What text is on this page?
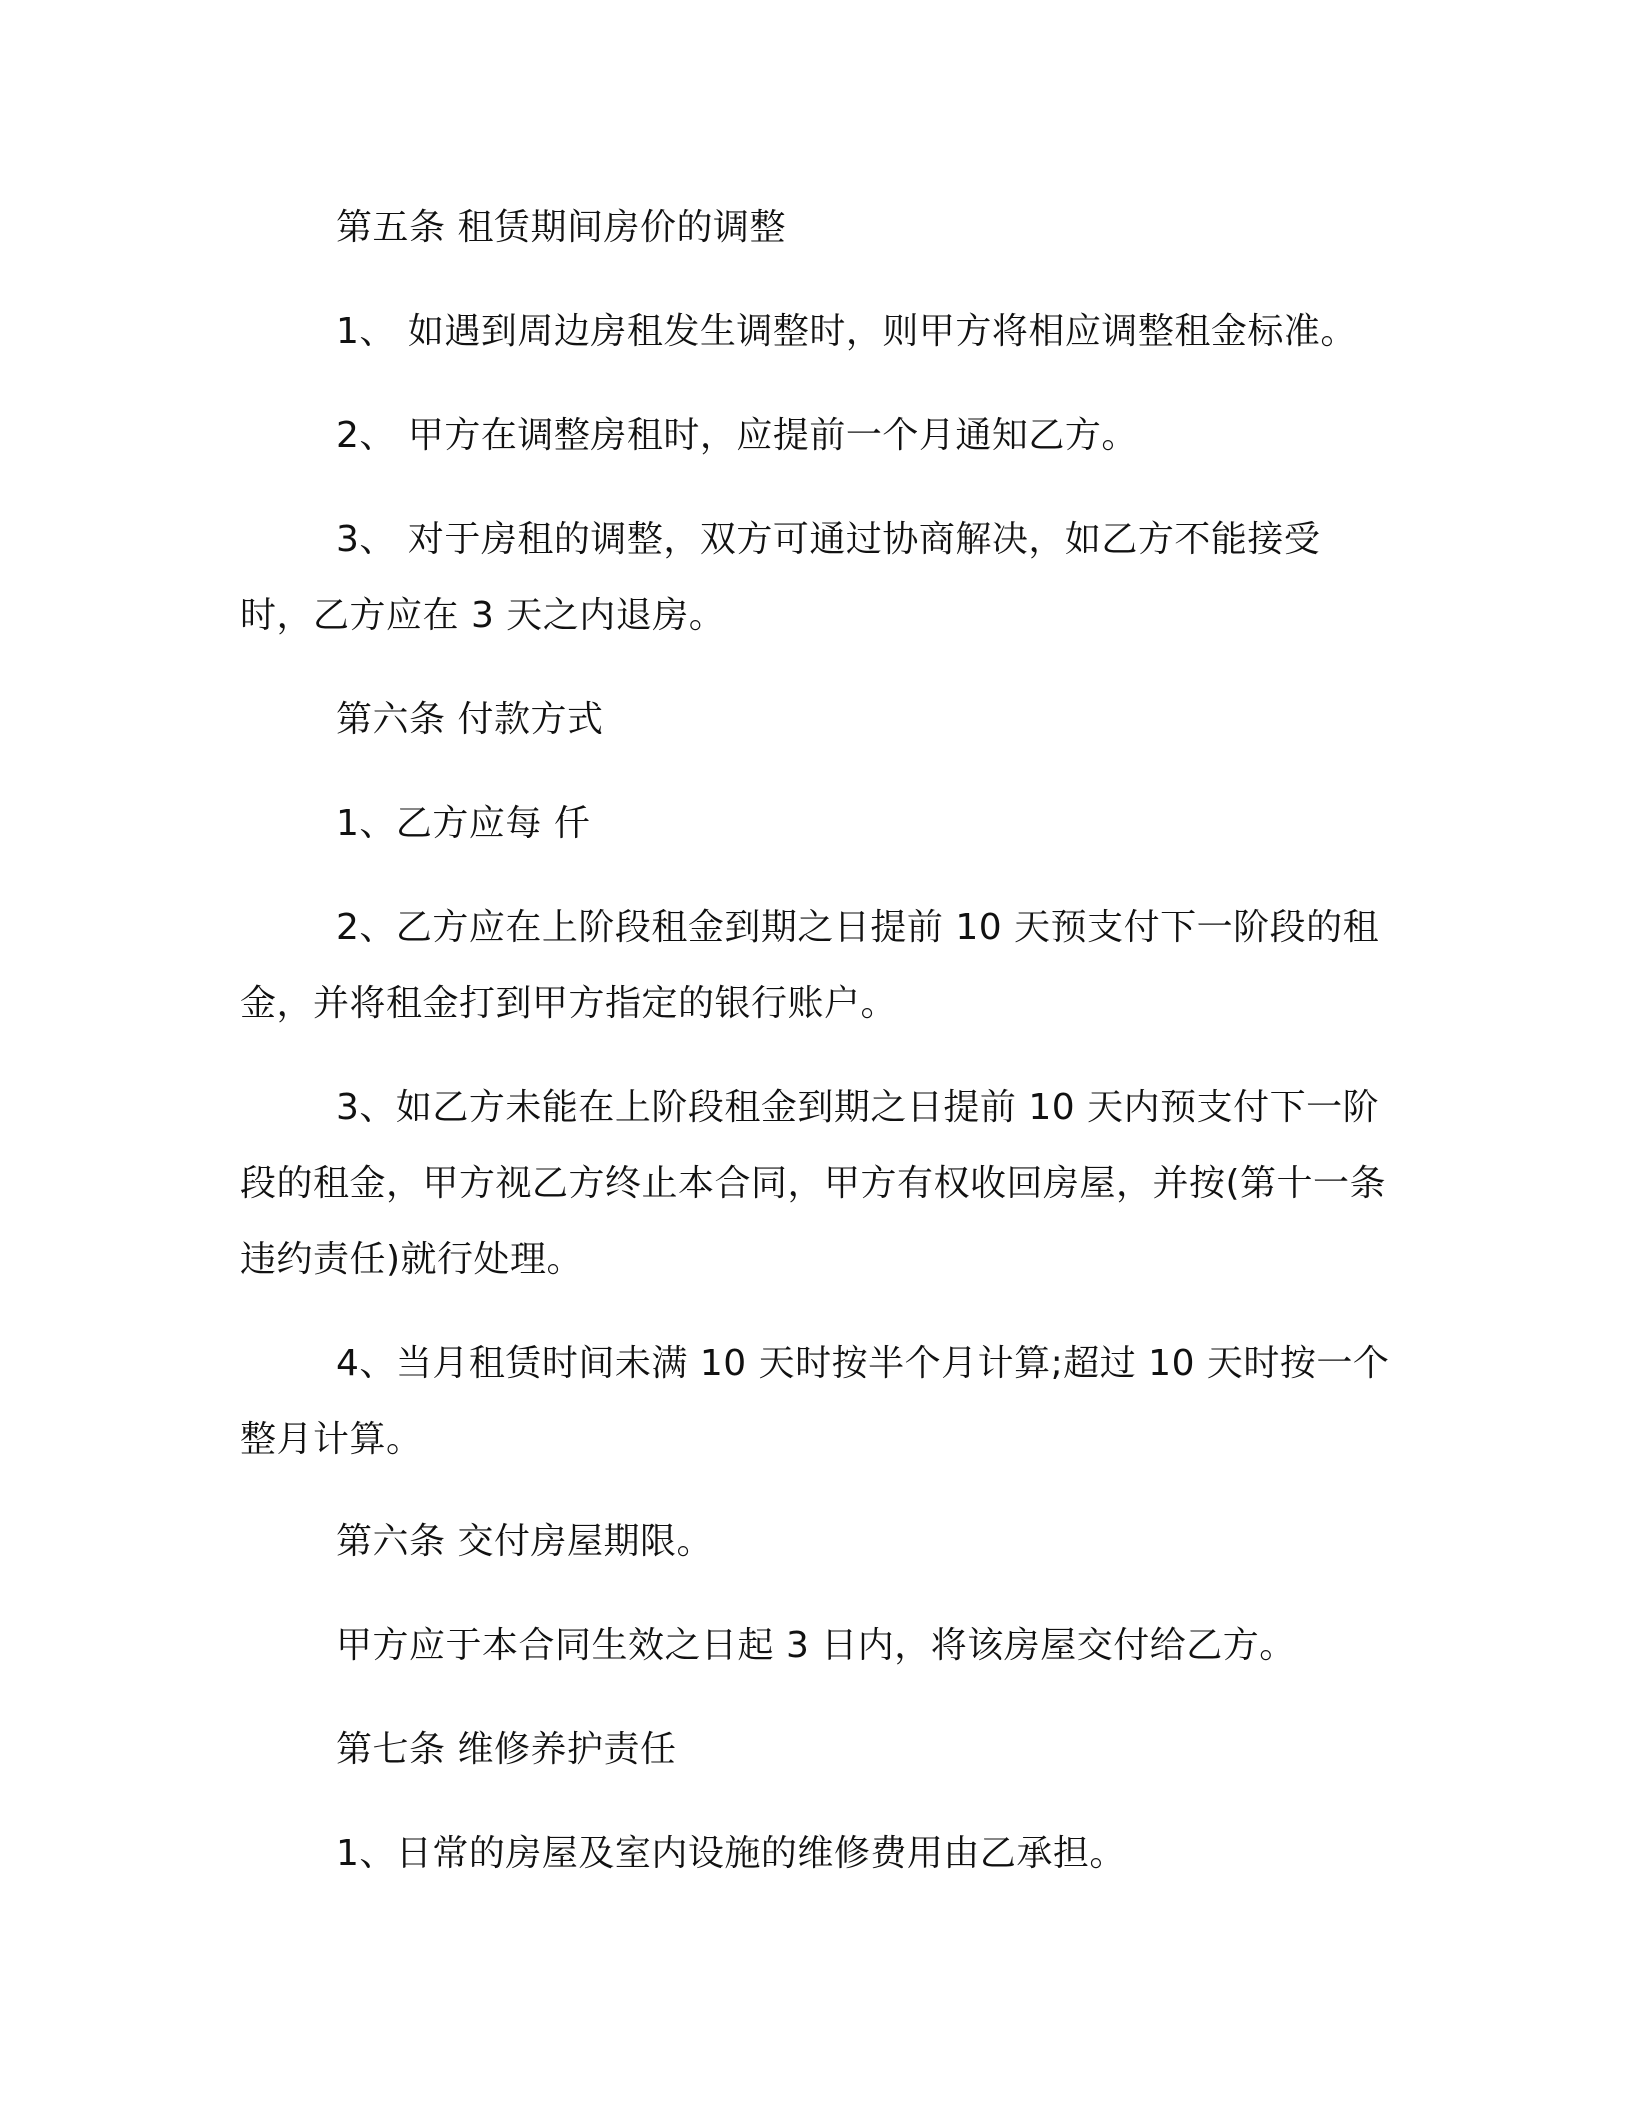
第五条 租赁期间房价的调整

1、 如遇到周边房租发生调整时，则甲方将相应调整租金标准。

2、 甲方在调整房租时，应提前一个月通知乙方。

3、 对于房租的调整，双方可通过协商解决，如乙方不能接受时，乙方应在 3 天之内退房。

第六条 付款方式

1、乙方应每 仟

2、乙方应在上阶段租金到期之日提前 10 天预支付下一阶段的租金，并将租金打到甲方指定的银行账户。

3、如乙方未能在上阶段租金到期之日提前 10 天内预支付下一阶段的租金，甲方视乙方终止本合同，甲方有权收回房屋，并按(第十一条 违约责任)就行处理。

4、当月租赁时间未满 10 天时按半个月计算;超过 10 天时按一个整月计算。

第六条 交付房屋期限。

甲方应于本合同生效之日起 3 日内，将该房屋交付给乙方。

第七条 维修养护责任

1、日常的房屋及室内设施的维修费用由乙承担。
